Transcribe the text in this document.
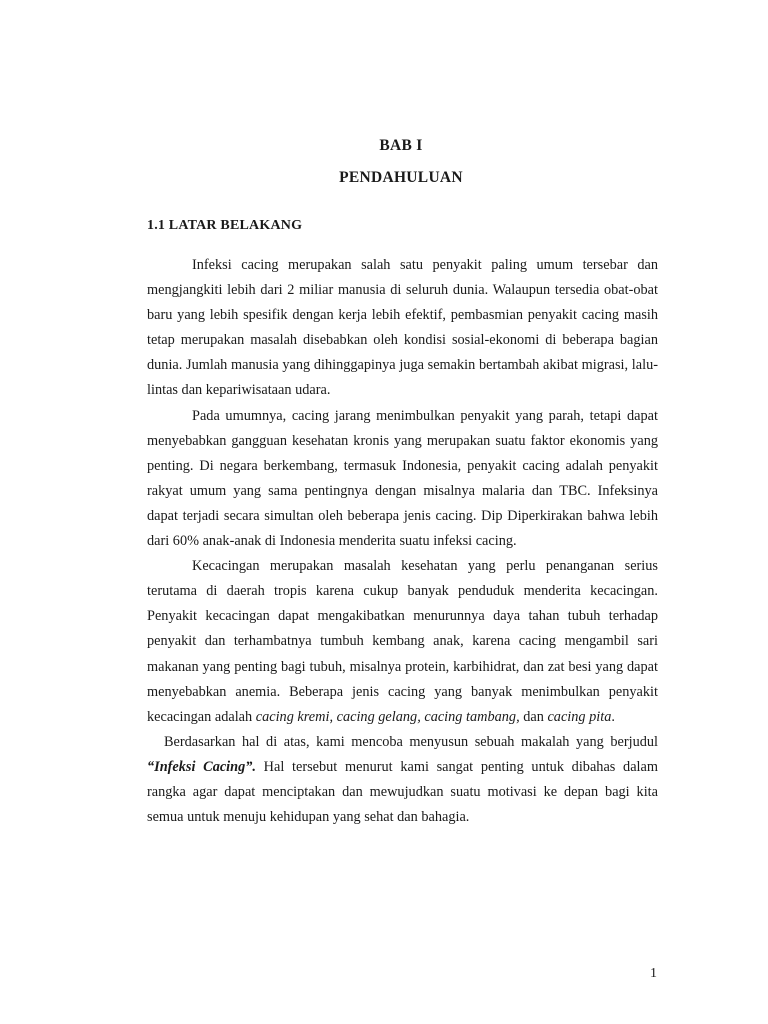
BAB I
PENDAHULUAN
1.1 LATAR BELAKANG

Infeksi cacing merupakan salah satu penyakit paling umum tersebar dan mengjangkiti lebih dari 2 miliar manusia di seluruh dunia. Walaupun tersedia obat-obat baru yang lebih spesifik dengan kerja lebih efektif, pembasmian penyakit cacing masih tetap merupakan masalah disebabkan oleh kondisi sosial-ekonomi di beberapa bagian dunia. Jumlah manusia yang dihinggapinya juga semakin bertambah akibat migrasi, lalu-lintas dan kepariwisataan udara.

Pada umumnya, cacing jarang menimbulkan penyakit yang parah, tetapi dapat menyebabkan gangguan kesehatan kronis yang merupakan suatu faktor ekonomis yang penting. Di negara berkembang, termasuk Indonesia, penyakit cacing adalah penyakit rakyat umum yang sama pentingnya dengan misalnya malaria dan TBC. Infeksinya dapat terjadi secara simultan oleh beberapa jenis cacing. Dip Diperkirakan bahwa lebih dari 60% anak-anak di Indonesia menderita suatu infeksi cacing.

Kecacingan merupakan masalah kesehatan yang perlu penanganan serius terutama di daerah tropis karena cukup banyak penduduk menderita kecacingan. Penyakit kecacingan dapat mengakibatkan menurunnya daya tahan tubuh terhadap penyakit dan terhambatnya tumbuh kembang anak, karena cacing mengambil sari makanan yang penting bagi tubuh, misalnya protein, karbihidrat, dan zat besi yang dapat menyebabkan anemia. Beberapa jenis cacing yang banyak menimbulkan penyakit kecacingan adalah cacing kremi, cacing gelang, cacing tambang, dan cacing pita.

Berdasarkan hal di atas, kami mencoba menyusun sebuah makalah yang berjudul “Infeksi Cacing”. Hal tersebut menurut kami sangat penting untuk dibahas dalam rangka agar dapat menciptakan dan mewujudkan suatu motivasi ke depan bagi kita semua untuk menuju kehidupan yang sehat dan bahagia.

1
